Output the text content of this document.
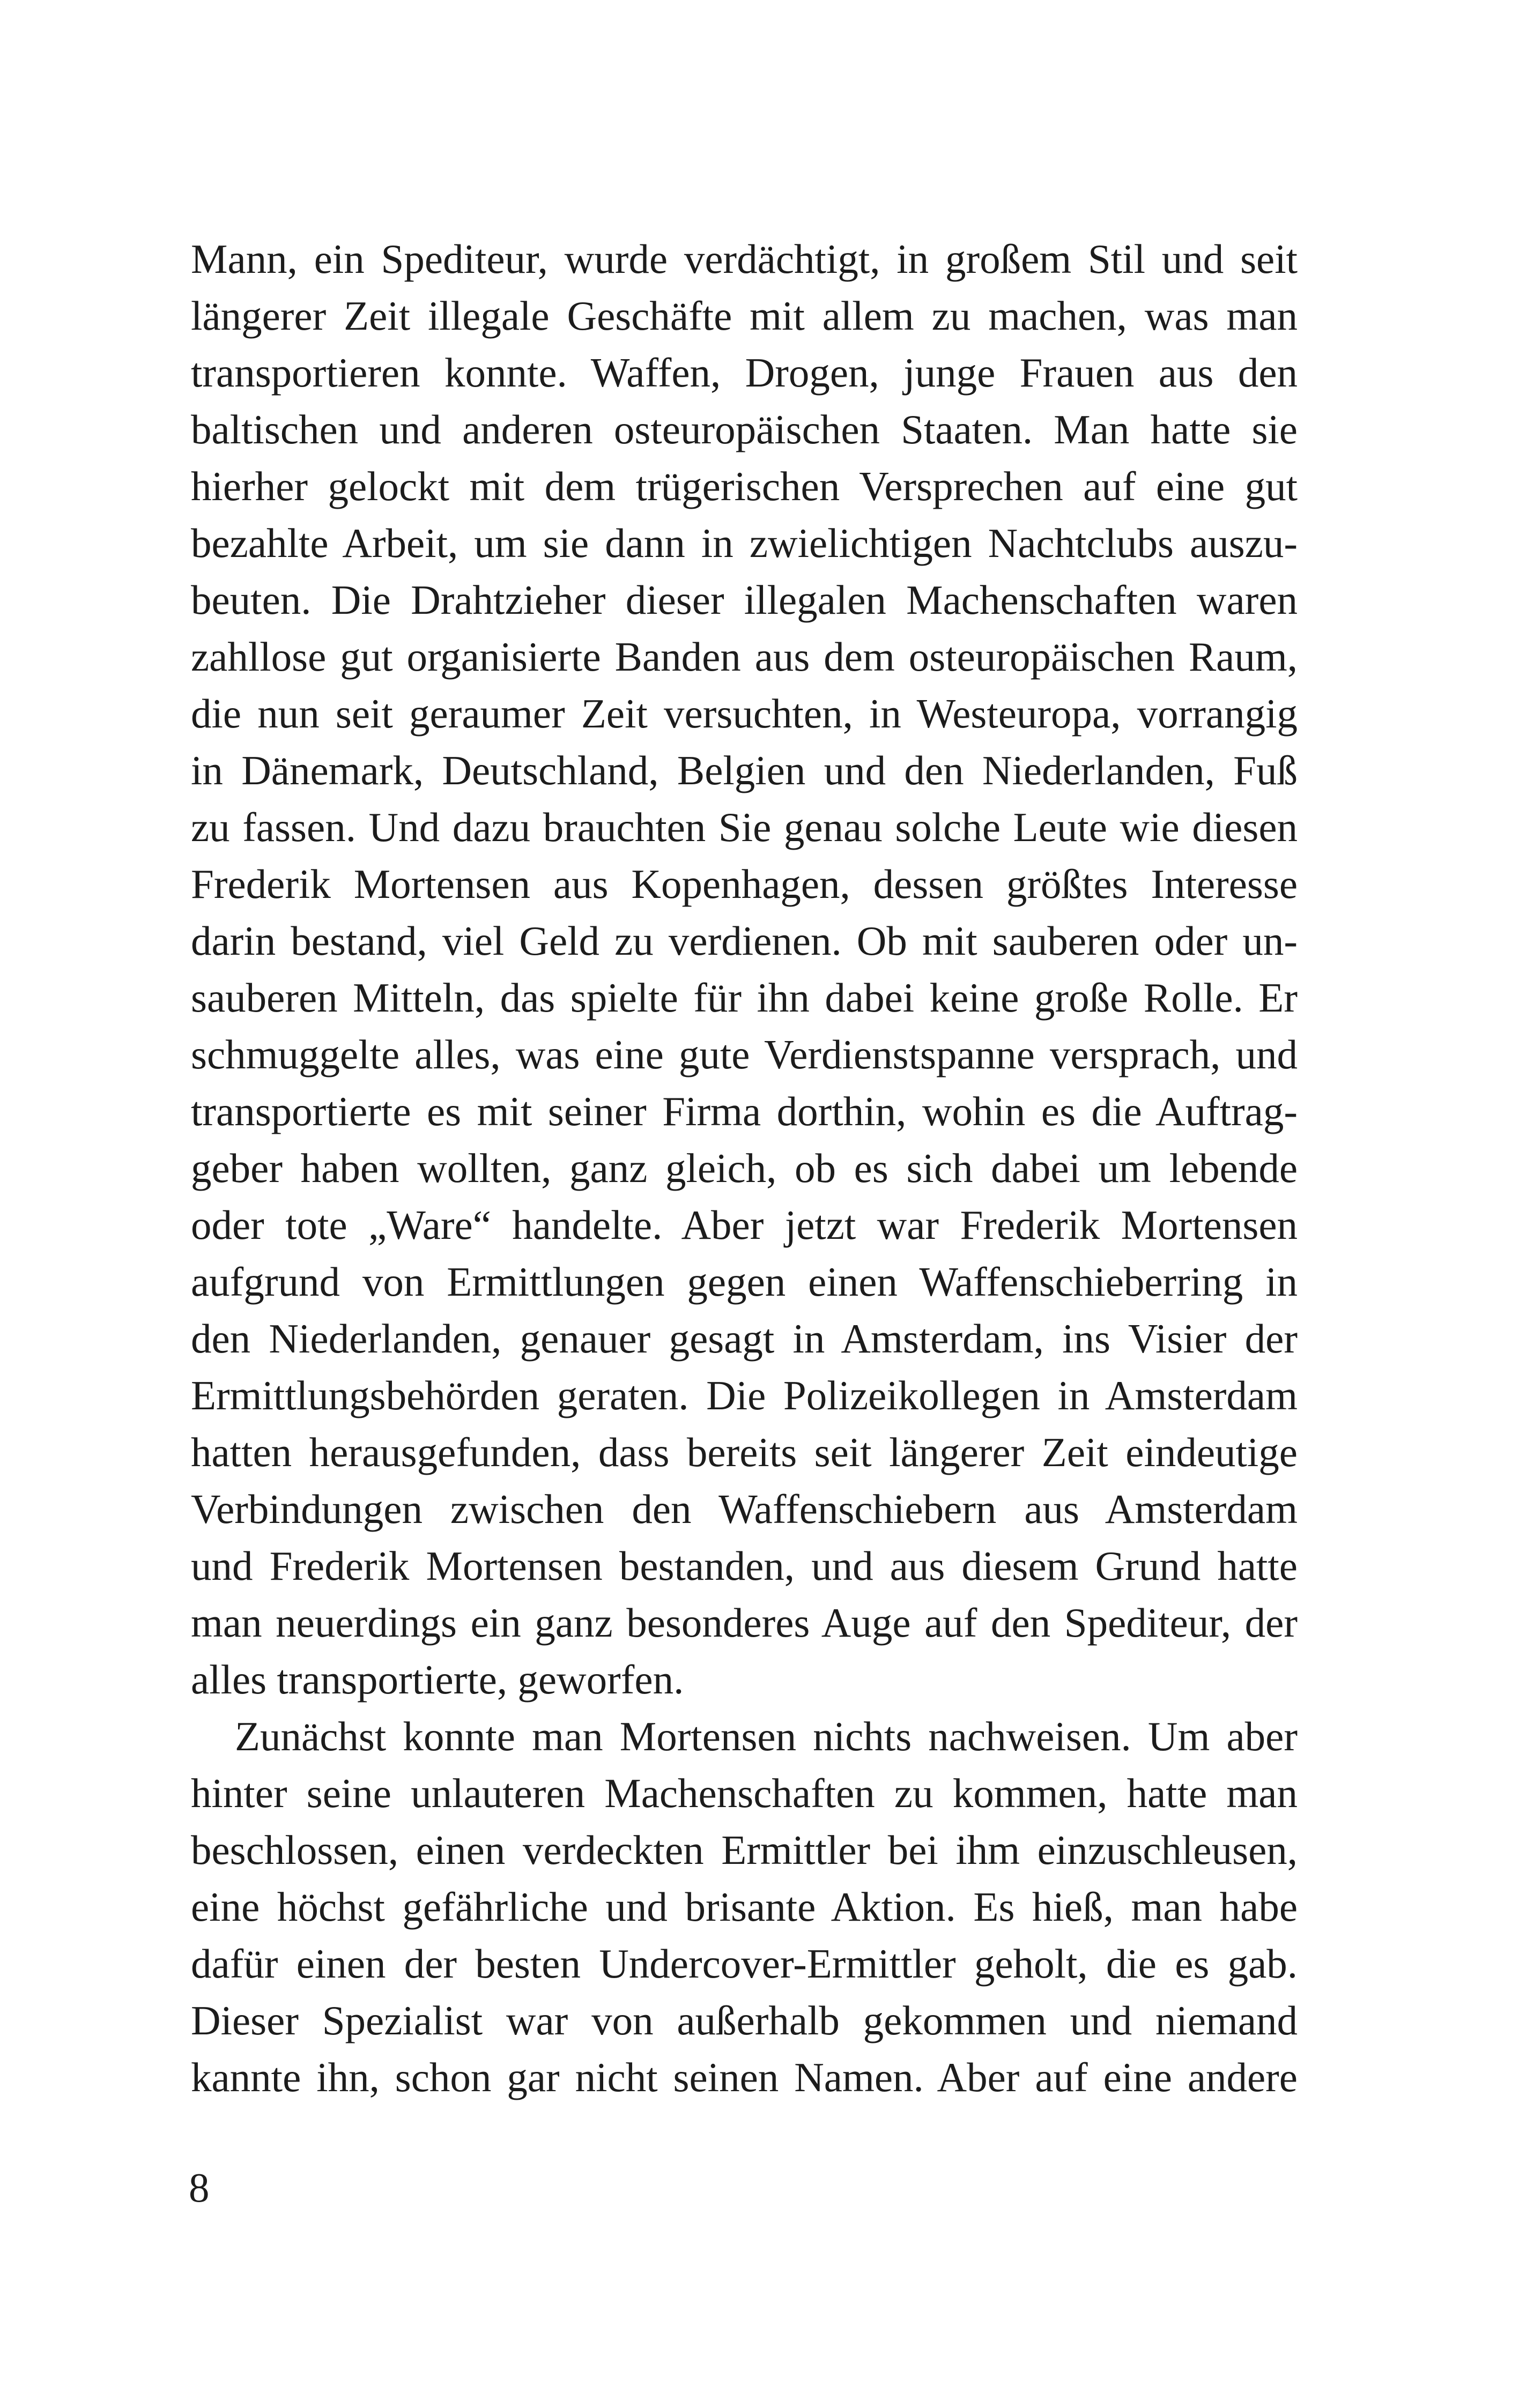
Mann, ein Spediteur, wurde verdächtigt, in großem Stil und seit
längerer Zeit illegale Geschäfte mit allem zu machen, was man
transportieren konnte. Waffen, Drogen, junge Frauen aus den
baltischen und anderen osteuropäischen Staaten. Man hatte sie
hierher gelockt mit dem trügerischen Versprechen auf eine gut
bezahlte Arbeit, um sie dann in zwielichtigen Nachtclubs auszu-
beuten. Die Drahtzieher dieser illegalen Machenschaften waren
zahllose gut organisierte Banden aus dem osteuropäischen Raum,
die nun seit geraumer Zeit versuchten, in Westeuropa, vorrangig
in Dänemark, Deutschland, Belgien und den Niederlanden, Fuß
zu fassen. Und dazu brauchten Sie genau solche Leute wie diesen
Frederik Mortensen aus Kopenhagen, dessen größtes Interesse
darin bestand, viel Geld zu verdienen. Ob mit sauberen oder un-
sauberen Mitteln, das spielte für ihn dabei keine große Rolle. Er
schmuggelte alles, was eine gute Verdienstspanne versprach, und
transportierte es mit seiner Firma dorthin, wohin es die Auftrag-
geber haben wollten, ganz gleich, ob es sich dabei um lebende
oder tote „Ware“ handelte. Aber jetzt war Frederik Mortensen
aufgrund von Ermittlungen gegen einen Waffenschieberring in
den Niederlanden, genauer gesagt in Amsterdam, ins Visier der
Ermittlungsbehörden geraten. Die Polizeikollegen in Amsterdam
hatten herausgefunden, dass bereits seit längerer Zeit eindeutige
Verbindungen zwischen den Waffenschiebern aus Amsterdam
und Frederik Mortensen bestanden, und aus diesem Grund hatte
man neuerdings ein ganz besonderes Auge auf den Spediteur, der
alles transportierte, geworfen.
Zunächst konnte man Mortensen nichts nachweisen. Um aber
hinter seine unlauteren Machenschaften zu kommen, hatte man
beschlossen, einen verdeckten Ermittler bei ihm einzuschleusen,
eine höchst gefährliche und brisante Aktion. Es hieß, man habe
dafür einen der besten Undercover-Ermittler geholt, die es gab.
Dieser Spezialist war von außerhalb gekommen und niemand
kannte ihn, schon gar nicht seinen Namen. Aber auf eine andere
8
